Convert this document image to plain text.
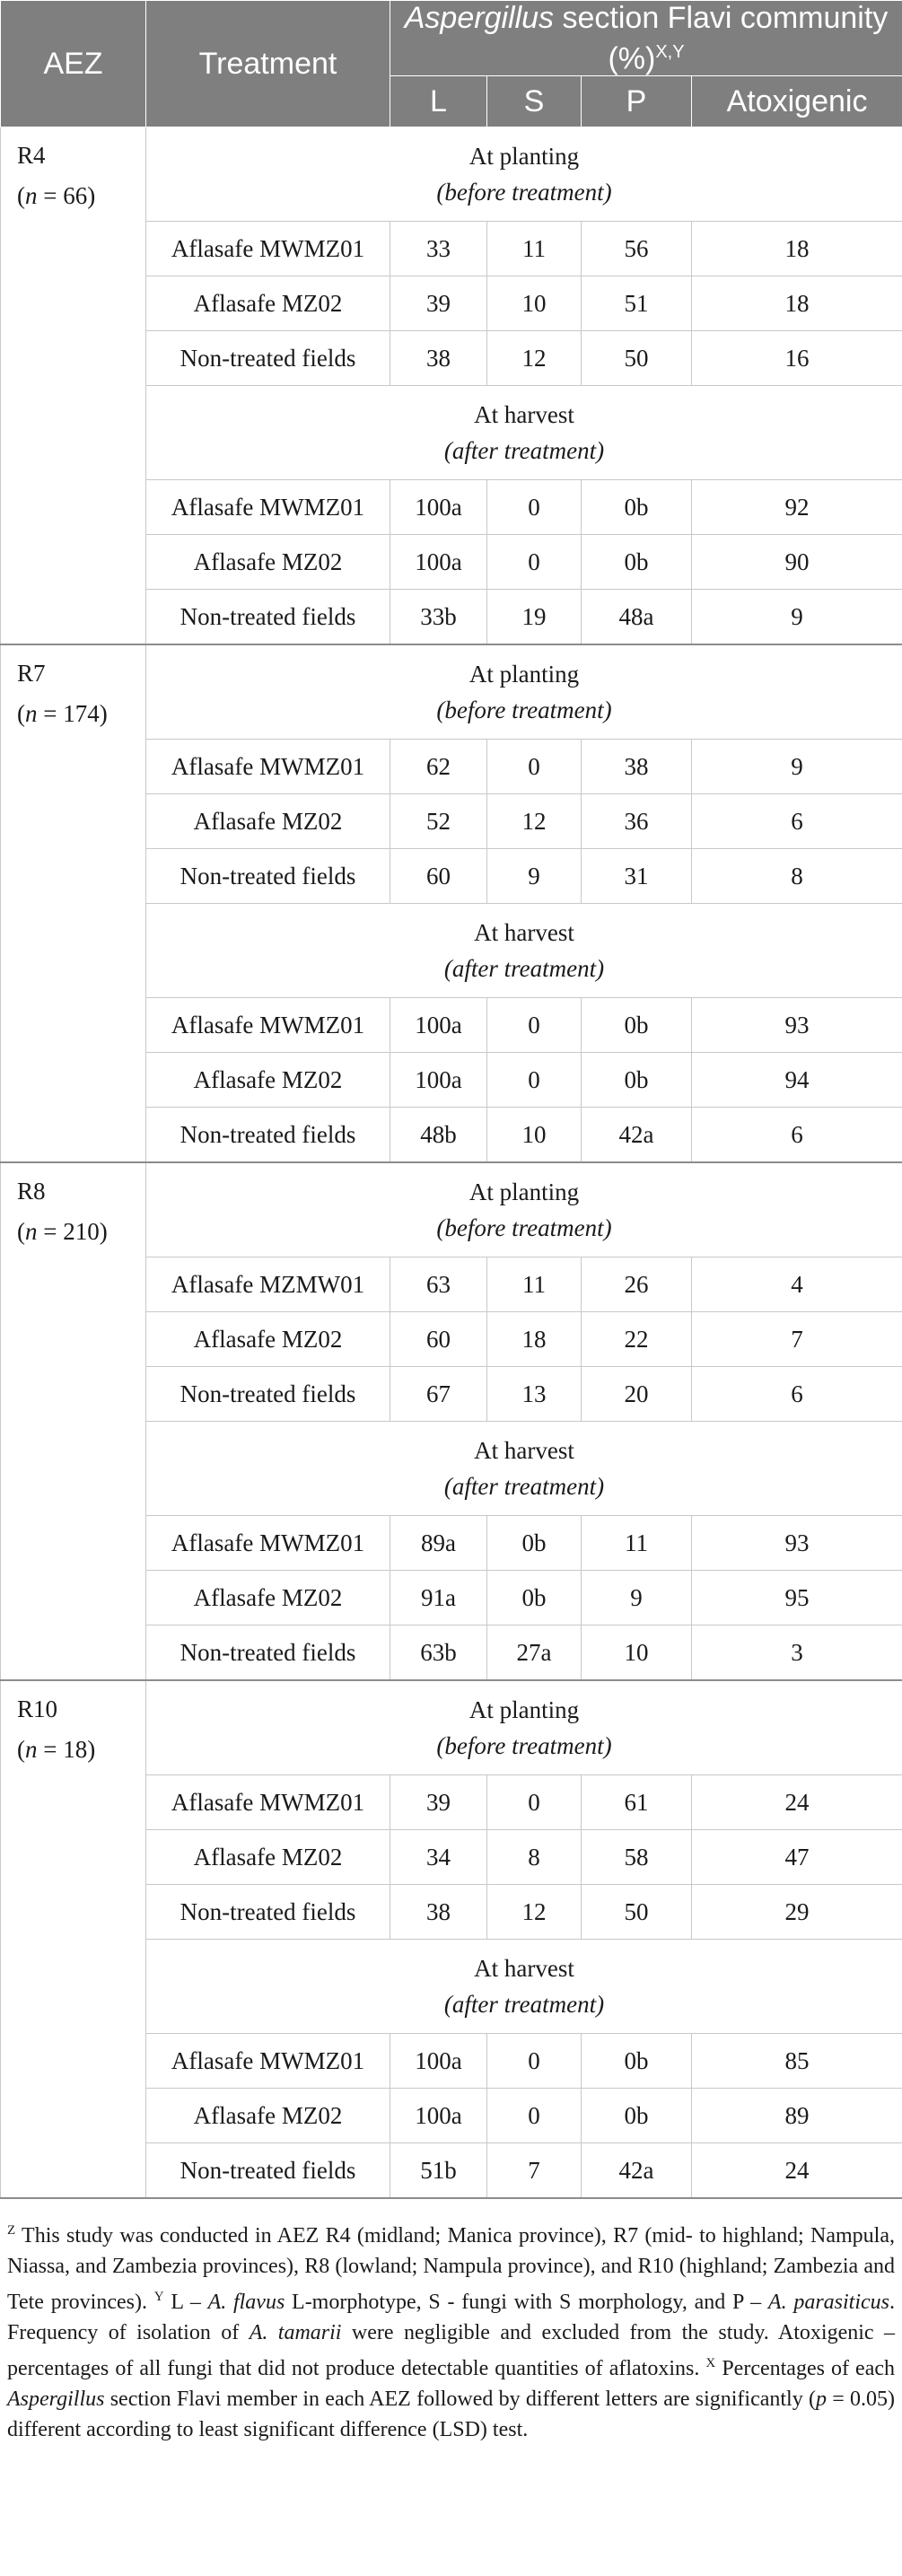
AEZ	Treatment	Aspergillus section Flavi community (%)$^{X,Y}$
		L	S	P	Atoxigenic
R4
(n = 66)	At planting
(before treatment)				

	Aflasafe MWMZ01	33	11	56	18
	Aflasafe MZ02	39	10	51	18
	Non-treated fields	38	12	50	16
	At harvest
(after treatment)				

	Aflasafe MWMZ01	100a	0	0b	92
	Aflasafe MZ02	100a	0	0b	90
	Non-treated fields	33b	19	48a	9
R7
(n = 174)	At planting
(before treatment)				

	Aflasafe MWMZ01	62	0	38	9
	Aflasafe MZ02	52	12	36	6
	Non-treated fields	60	9	31	8
	At harvest
(after treatment)				

	Aflasafe MWMZ01	100a	0	0b	93
	Aflasafe MZ02	100a	0	0b	94
	Non-treated fields	48b	10	42a	6
R8
(n = 210)	At planting
(before treatment)				

	Aflasafe MZMW01	63	11	26	4
	Aflasafe MZ02	60	18	22	7
	Non-treated fields	67	13	20	6
	At harvest
(after treatment)				

	Aflasafe MWMZ01	89a	0b	11	93
	Aflasafe MZ02	91a	0b	9	95
	Non-treated fields	63b	27a	10	3
R10
(n = 18)	At planting
(before treatment)				

	Aflasafe MWMZ01	39	0	61	24
	Aflasafe MZ02	34	8	58	47
	Non-treated fields	38	12	50	29
	At harvest
(after treatment)				

	Aflasafe MWMZ01	100a	0	0b	85
	Aflasafe MZ02	100a	0	0b	89
	Non-treated fields	51b	7	42a	24
$^Z$ This study was conducted in AEZ R4 (midland; Manica province), R7 (mid- to highland; Nampula, Niassa, and Zambezia provinces), R8 (lowland; Nampula province), and R10 (highland; Zambezia and Tete provinces). $^Y$ L – A. flavus L-morphotype, S - fungi with S morphology, and P – A. parasiticus. Frequency of isolation of A. tamarii were negligible and excluded from the study. Atoxigenic – percentages of all fungi that did not produce detectable quantities of aflatoxins. $^X$ Percentages of each Aspergillus section Flavi member in each AEZ followed by different letters are significantly (p = 0.05) different according to least significant difference (LSD) test.
